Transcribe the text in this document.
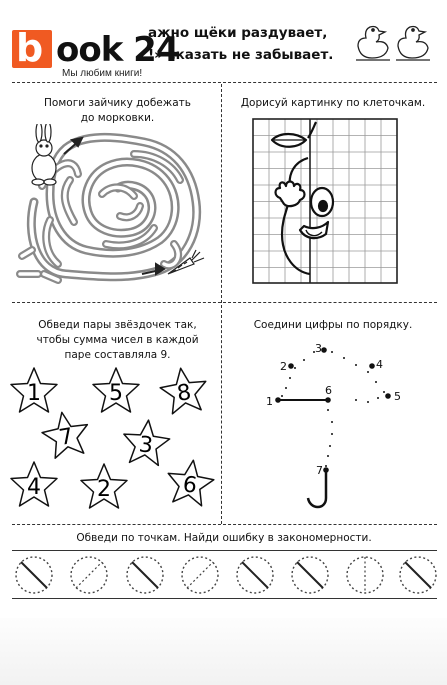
b ook 24
Мы любим книги!
ажно щёки раздувает,
!» сказать не забывает.
Помоги зайчику добежать
до морковки.
Дорисуй картинку по клеточкам.
Обведи пары звёздочек так,
чтобы сумма чисел в каждой
паре составляла 9.
1	5 8
7	3
4	2	6
Соедини цифры по порядку.
1
2
3
4
5
6
7
Обведи по точкам. Найди ошибку в закономерности.
